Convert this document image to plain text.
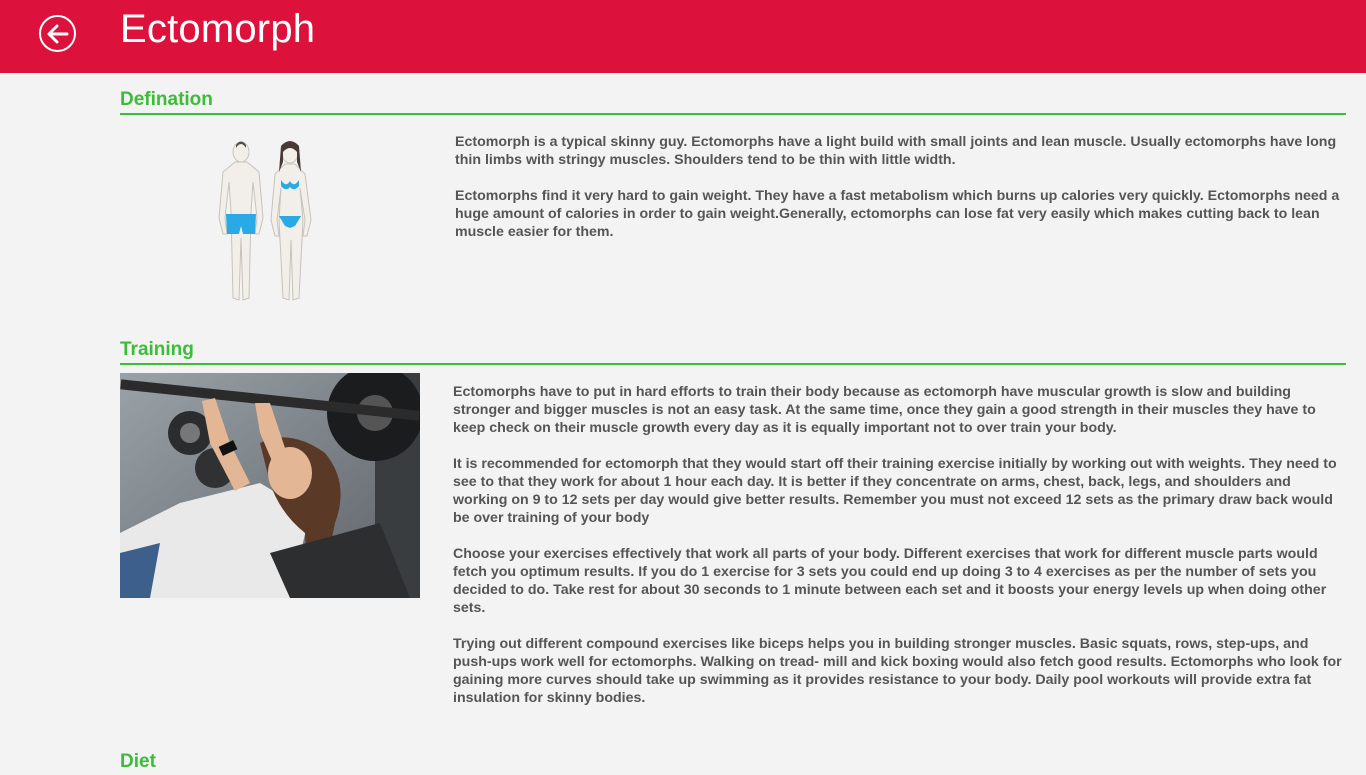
Ectomorph
Defination

Ectomorph is a typical skinny guy. Ectomorphs have a light build with small joints and lean muscle. Usually ectomorphs have long thin limbs with stringy muscles. Shoulders tend to be thin with little width.

Ectomorphs find it very hard to gain weight. They have a fast metabolism which burns up calories very quickly. Ectomorphs need a huge amount of calories in order to gain weight.Generally, ectomorphs can lose fat very easily which makes cutting back to lean muscle easier for them.

Training

Ectomorphs have to put in hard efforts to train their body because as ectomorph have muscular growth is slow and building stronger and bigger muscles is not an easy task. At the same time, once they gain a good strength in their muscles they have to keep check on their muscle growth every day as it is equally important not to over train your body.

It is recommended for ectomorph that they would start off their training exercise initially by working out with weights. They need to see to that they work for about 1 hour each day. It is better if they concentrate on arms, chest, back, legs, and shoulders and working on 9 to 12 sets per day would give better results. Remember you must not exceed 12 sets as the primary draw back would be over training of your body

Choose your exercises effectively that work all parts of your body. Different exercises that work for different muscle parts would fetch you optimum results. If you do 1 exercise for 3 sets you could end up doing 3 to 4 exercises as per the number of sets you decided to do. Take rest for about 30 seconds to 1 minute between each set and it boosts your energy levels up when doing other sets.

Trying out different compound exercises like biceps helps you in building stronger muscles. Basic squats, rows, step-ups, and push-ups work well for ectomorphs. Walking on tread- mill and kick boxing would also fetch good results. Ectomorphs who look for gaining more curves should take up swimming as it provides resistance to your body. Daily pool workouts will provide extra fat insulation for skinny bodies.

Diet
